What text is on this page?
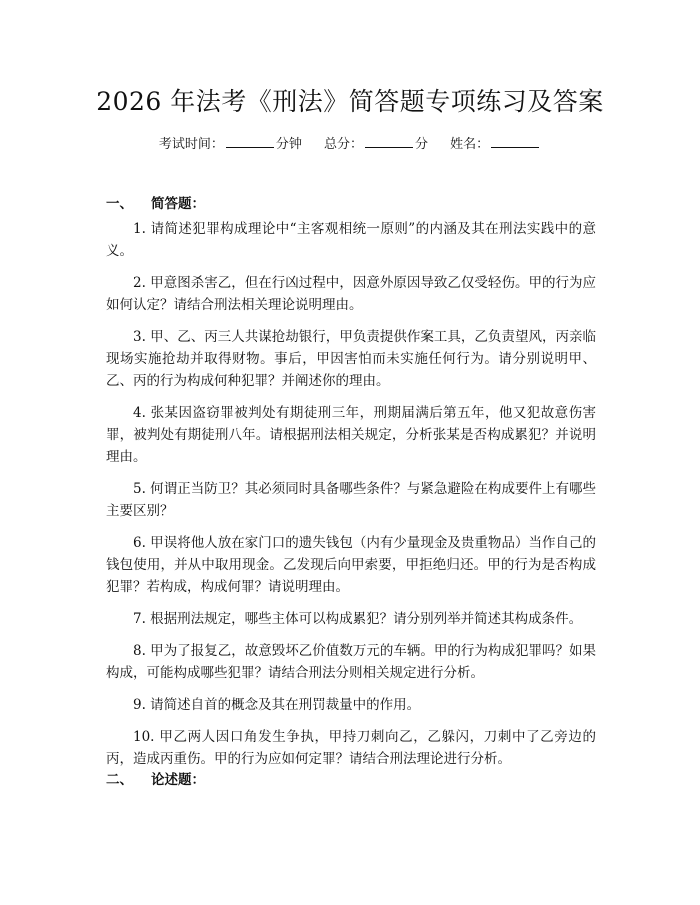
2026 年法考《刑法》简答题专项练习及答案
考试时间：	分钟 总分：	分 姓名：
一、 简答题：

1. 请简述犯罪构成理论中“主客观相统一原则”的内涵及其在刑法实践中的意义。

2. 甲意图杀害乙，但在行凶过程中，因意外原因导致乙仅受轻伤。甲的行为应如何认定？请结合刑法相关理论说明理由。

3. 甲、乙、丙三人共谋抢劫银行，甲负责提供作案工具，乙负责望风，丙亲临现场实施抢劫并取得财物。事后，甲因害怕而未实施任何行为。请分别说明甲、乙、丙的行为构成何种犯罪？并阐述你的理由。

4. 张某因盗窃罪被判处有期徒刑三年，刑期届满后第五年，他又犯故意伤害罪，被判处有期徒刑八年。请根据刑法相关规定，分析张某是否构成累犯？并说明理由。

5. 何谓正当防卫？其必须同时具备哪些条件？与紧急避险在构成要件上有哪些主要区别？

6. 甲误将他人放在家门口的遗失钱包（内有少量现金及贵重物品）当作自己的钱包使用，并从中取用现金。乙发现后向甲索要，甲拒绝归还。甲的行为是否构成犯罪？若构成，构成何罪？请说明理由。

7. 根据刑法规定，哪些主体可以构成累犯？请分别列举并简述其构成条件。

8. 甲为了报复乙，故意毁坏乙价值数万元的车辆。甲的行为构成犯罪吗？如果构成，可能构成哪些犯罪？请结合刑法分则相关规定进行分析。

9. 请简述自首的概念及其在刑罚裁量中的作用。

10. 甲乙两人因口角发生争执，甲持刀刺向乙，乙躲闪，刀刺中了乙旁边的丙，造成丙重伤。甲的行为应如何定罪？请结合刑法理论进行分析。

二、 论述题：
